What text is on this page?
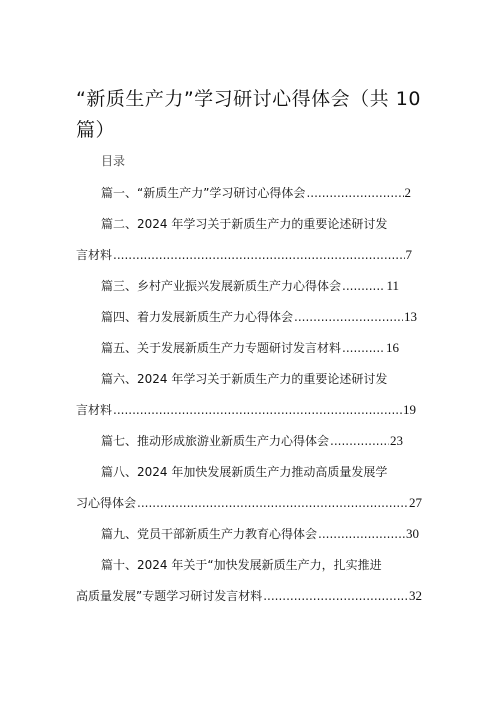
“新质生产力”学习研讨心得体会（共 10 篇）
目录
篇一、“新质生产力”学习研讨心得体会 .....	2
篇二、2024 年学习关于新质生产力的重要论述研讨发
言材料 .....	7
篇三、乡村产业振兴发展新质生产力心得体会 .....	11
篇四、着力发展新质生产力心得体会 .....	13
篇五、关于发展新质生产力专题研讨发言材料 .....	16
篇六、2024 年学习关于新质生产力的重要论述研讨发
言材料 .....	19
篇七、推动形成旅游业新质生产力心得体会 .....	23
篇八、2024 年加快发展新质生产力推动高质量发展学
习心得体会 .....	27
篇九、党员干部新质生产力教育心得体会 .....	30
篇十、2024 年关于“加快发展新质生产力，扎实推进
高质量发展”专题学习研讨发言材料 .....	32
